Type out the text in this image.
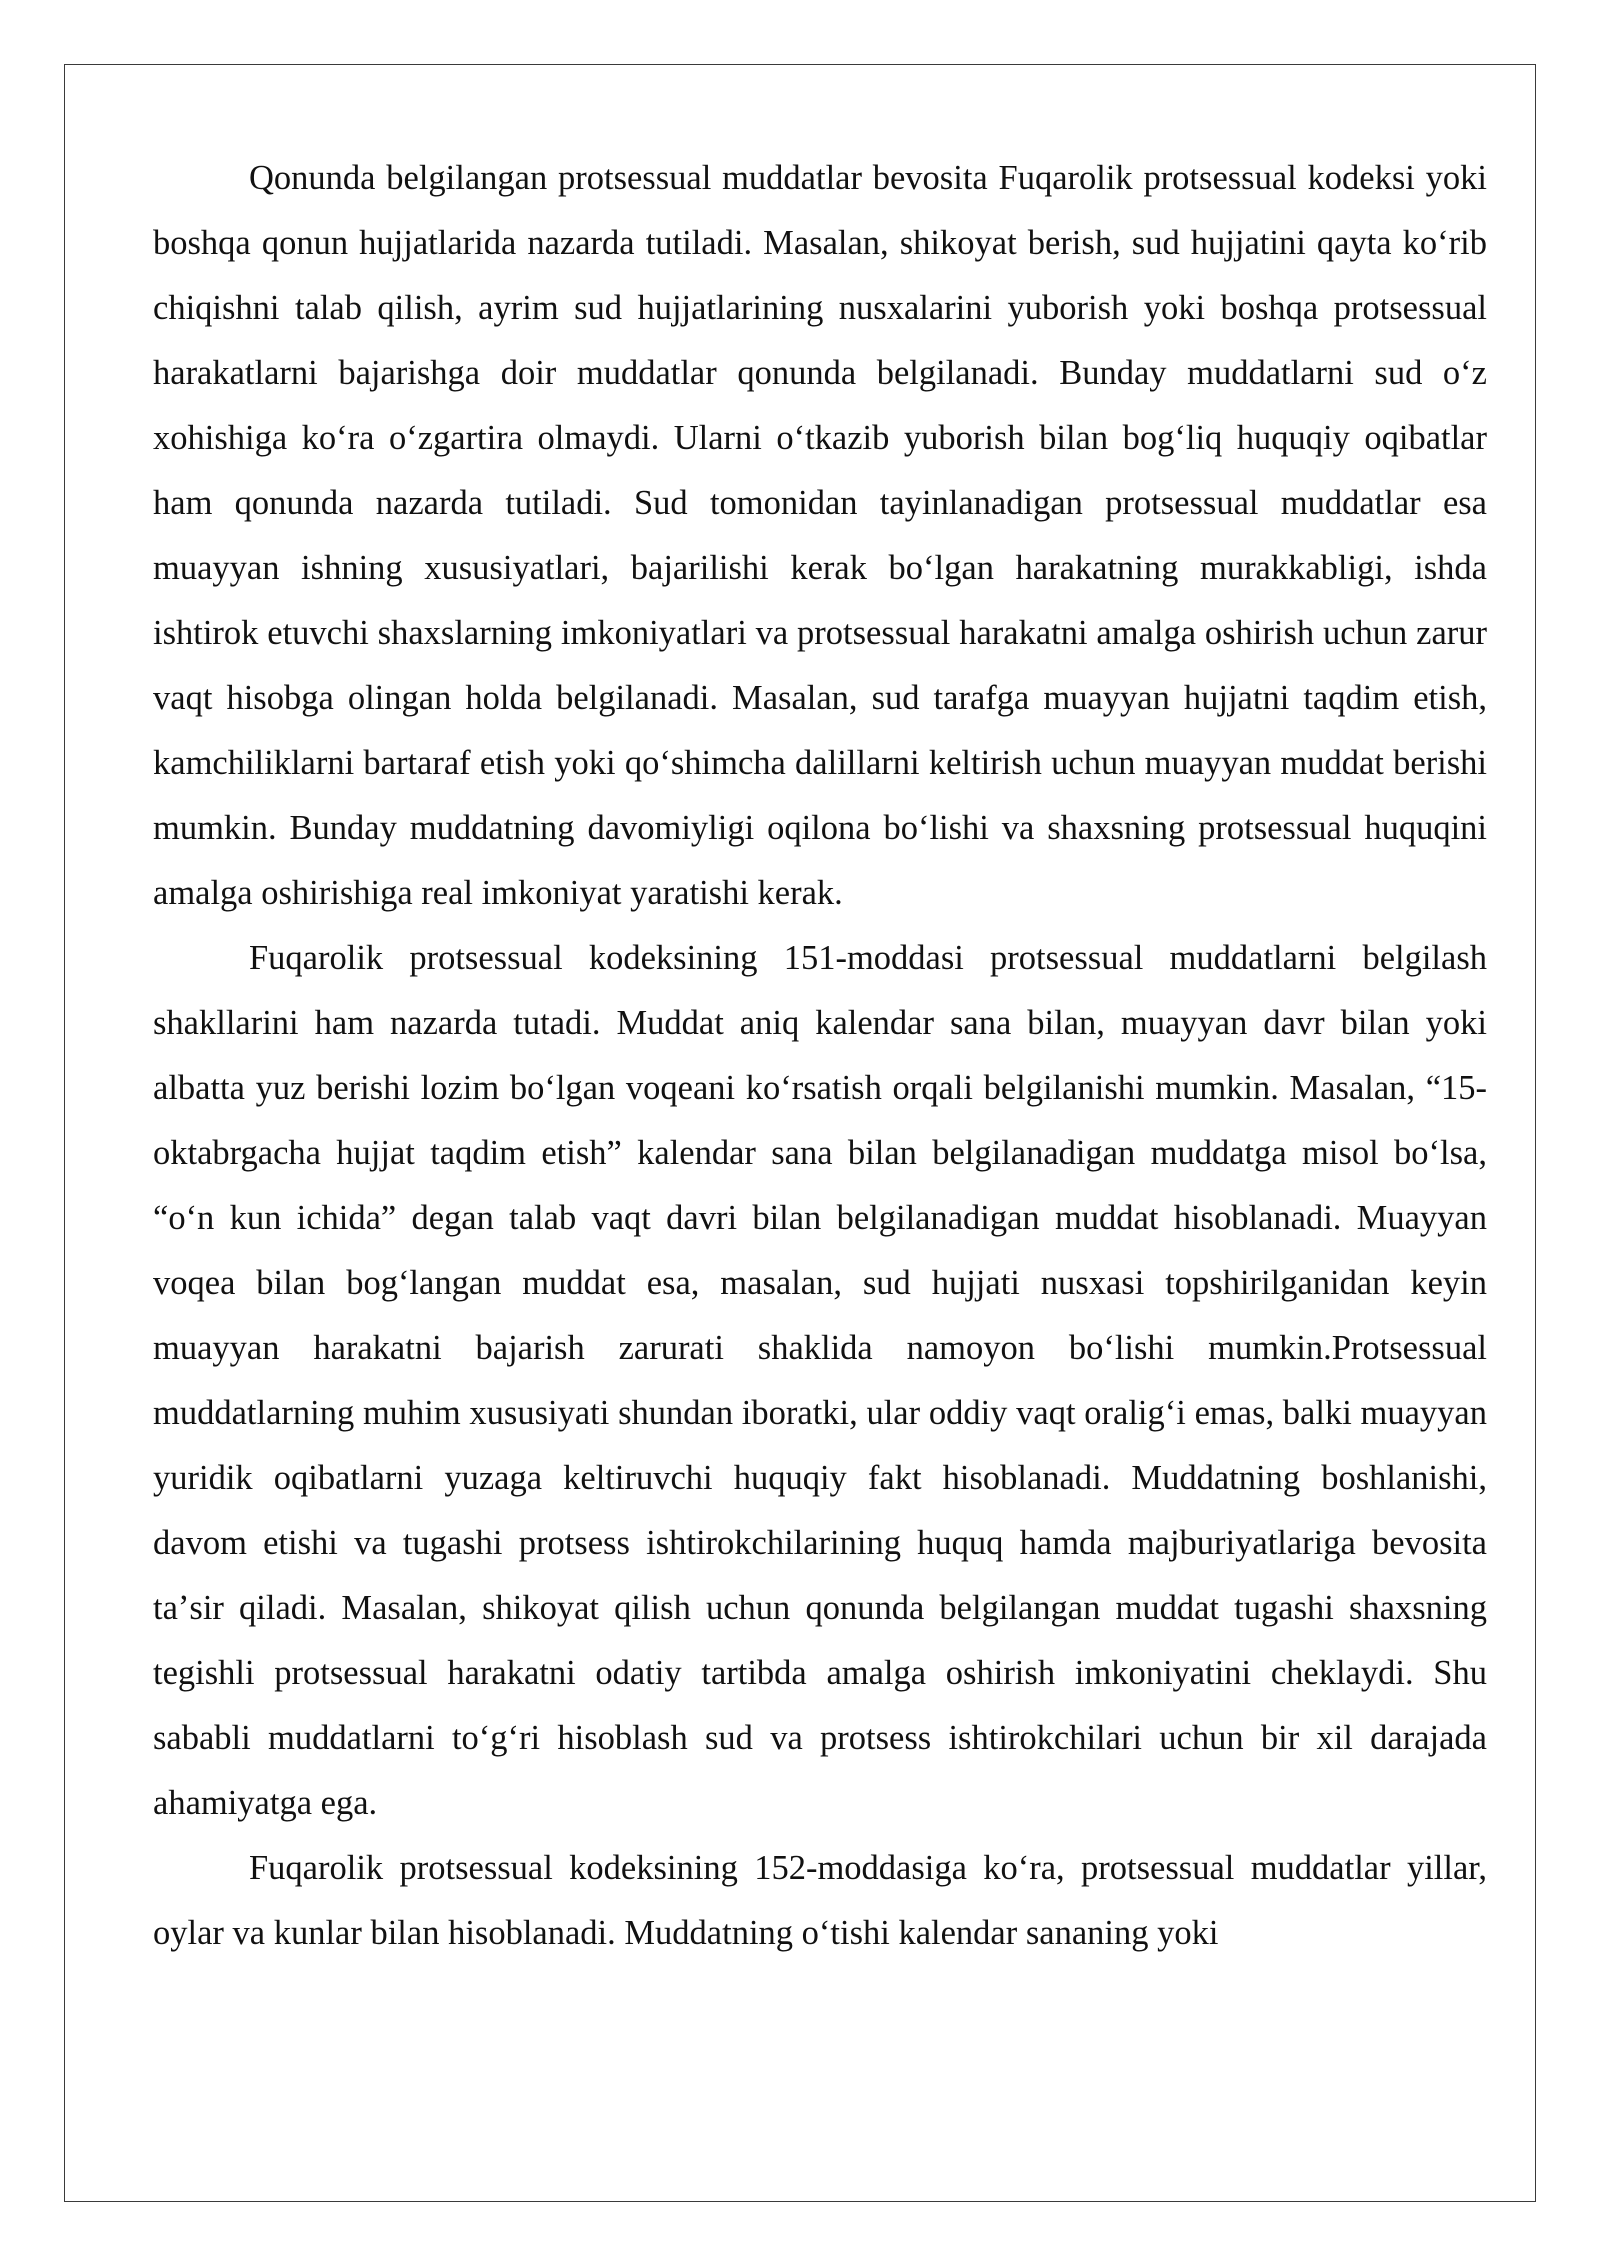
Qonunda belgilangan protsessual muddatlar bevosita Fuqarolik protsessual kodeksi yoki boshqa qonun hujjatlarida nazarda tutiladi. Masalan, shikoyat berish, sud hujjatini qayta koʻrib chiqishni talab qilish, ayrim sud hujjatlarining nusxalarini yuborish yoki boshqa protsessual harakatlarni bajarishga doir muddatlar qonunda belgilanadi. Bunday muddatlarni sud oʻz xohishiga koʻra oʻzgartira olmaydi. Ularni oʻtkazib yuborish bilan bogʻliq huquqiy oqibatlar ham qonunda nazarda tutiladi. Sud tomonidan tayinlanadigan protsessual muddatlar esa muayyan ishning xususiyatlari, bajarilishi kerak boʻlgan harakatning murakkabligi, ishda ishtirok etuvchi shaxslarning imkoniyatlari va protsessual harakatni amalga oshirish uchun zarur vaqt hisobga olingan holda belgilanadi. Masalan, sud tarafga muayyan hujjatni taqdim etish, kamchiliklarni bartaraf etish yoki qoʻshimcha dalillarni keltirish uchun muayyan muddat berishi mumkin. Bunday muddatning davomiyligi oqilona boʻlishi va shaxsning protsessual huquqini amalga oshirishiga real imkoniyat yaratishi kerak.

Fuqarolik protsessual kodeksining 151-moddasi protsessual muddatlarni belgilash shakllarini ham nazarda tutadi. Muddat aniq kalendar sana bilan, muayyan davr bilan yoki albatta yuz berishi lozim boʻlgan voqeani koʻrsatish orqali belgilanishi mumkin. Masalan, “15-oktabrgacha hujjat taqdim etish” kalendar sana bilan belgilanadigan muddatga misol boʻlsa, “oʻn kun ichida” degan talab vaqt davri bilan belgilanadigan muddat hisoblanadi. Muayyan voqea bilan bogʻlangan muddat esa, masalan, sud hujjati nusxasi topshirilganidan keyin muayyan harakatni bajarish zarurati shaklida namoyon boʻlishi mumkin.Protsessual muddatlarning muhim xususiyati shundan iboratki, ular oddiy vaqt oraligʻi emas, balki muayyan yuridik oqibatlarni yuzaga keltiruvchi huquqiy fakt hisoblanadi. Muddatning boshlanishi, davom etishi va tugashi protsess ishtirokchilarining huquq hamda majburiyatlariga bevosita taʼsir qiladi. Masalan, shikoyat qilish uchun qonunda belgilangan muddat tugashi shaxsning tegishli protsessual harakatni odatiy tartibda amalga oshirish imkoniyatini cheklaydi. Shu sababli muddatlarni toʻgʻri hisoblash sud va protsess ishtirokchilari uchun bir xil darajada ahamiyatga ega.

Fuqarolik protsessual kodeksining 152-moddasiga koʻra, protsessual muddatlar yillar, oylar va kunlar bilan hisoblanadi. Muddatning oʻtishi kalendar sananing yoki
